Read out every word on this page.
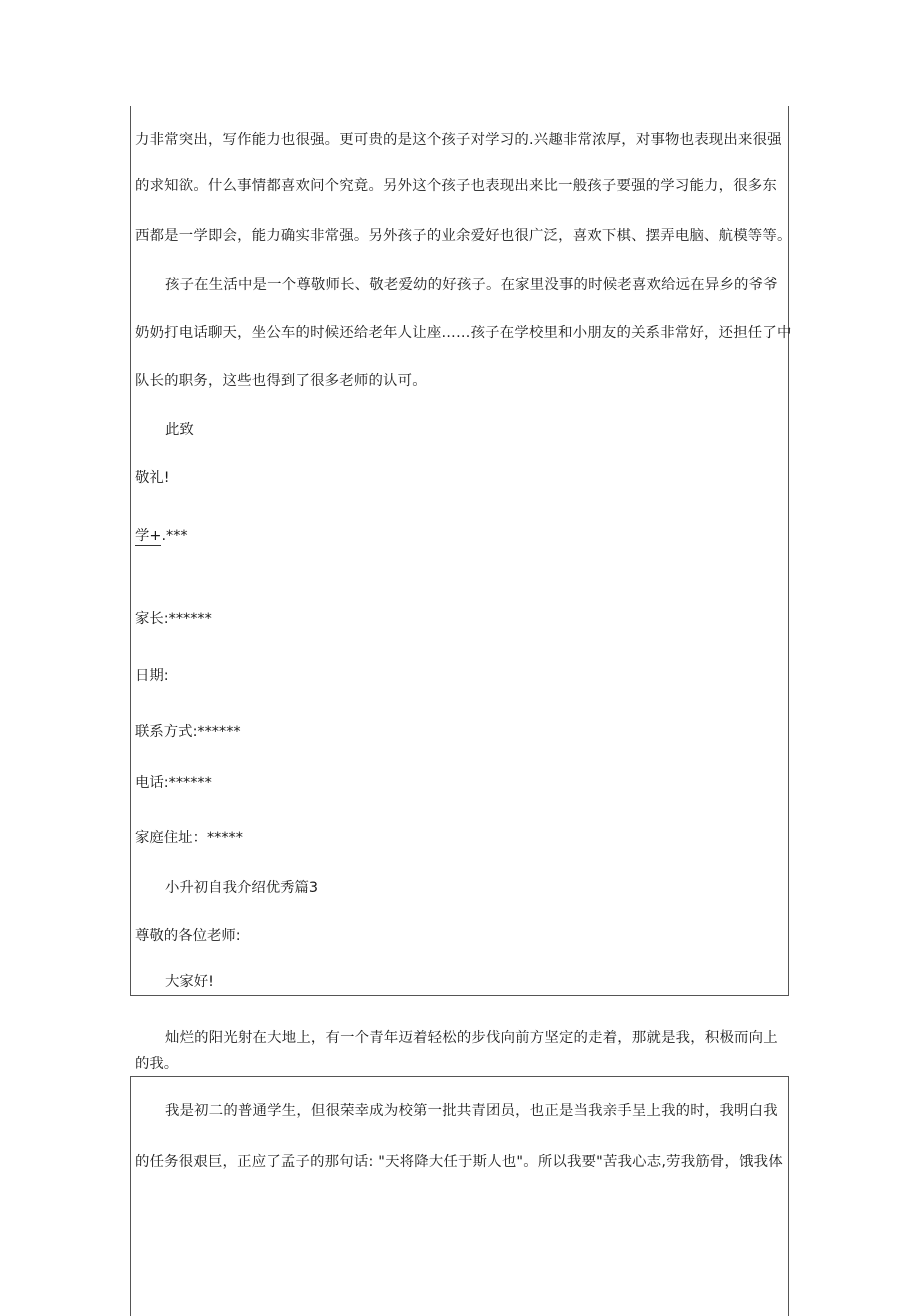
力非常突出，写作能力也很强。更可贵的是这个孩子对学习的.兴趣非常浓厚，对事物也表现出来很强

的求知欲。什么事情都喜欢问个究竟。另外这个孩子也表现出来比一般孩子要强的学习能力，很多东

西都是一学即会，能力确实非常强。另外孩子的业余爱好也很广泛，喜欢下棋、摆弄电脑、航模等等。

孩子在生活中是一个尊敬师长、敬老爱幼的好孩子。在家里没事的时候老喜欢给远在异乡的爷爷

奶奶打电话聊天，坐公车的时候还给老年人让座……孩子在学校里和小朋友的关系非常好，还担任了中

队长的职务，这些也得到了很多老师的认可。

此致

敬礼!

学+.***

家长:******

日期:

联系方式:******

电话:******

家庭住址：*****

小升初自我介绍优秀篇3

尊敬的各位老师:

大家好!

灿烂的阳光射在大地上，有一个青年迈着轻松的步伐向前方坚定的走着，那就是我，积极而向上

的我。

我是初二的普通学生，但很荣幸成为校第一批共青团员，也正是当我亲手呈上我的时，我明白我

的任务很艰巨，正应了孟子的那句话: "天将降大任于斯人也"。所以我要"苦我心志,劳我筋骨，饿我体
